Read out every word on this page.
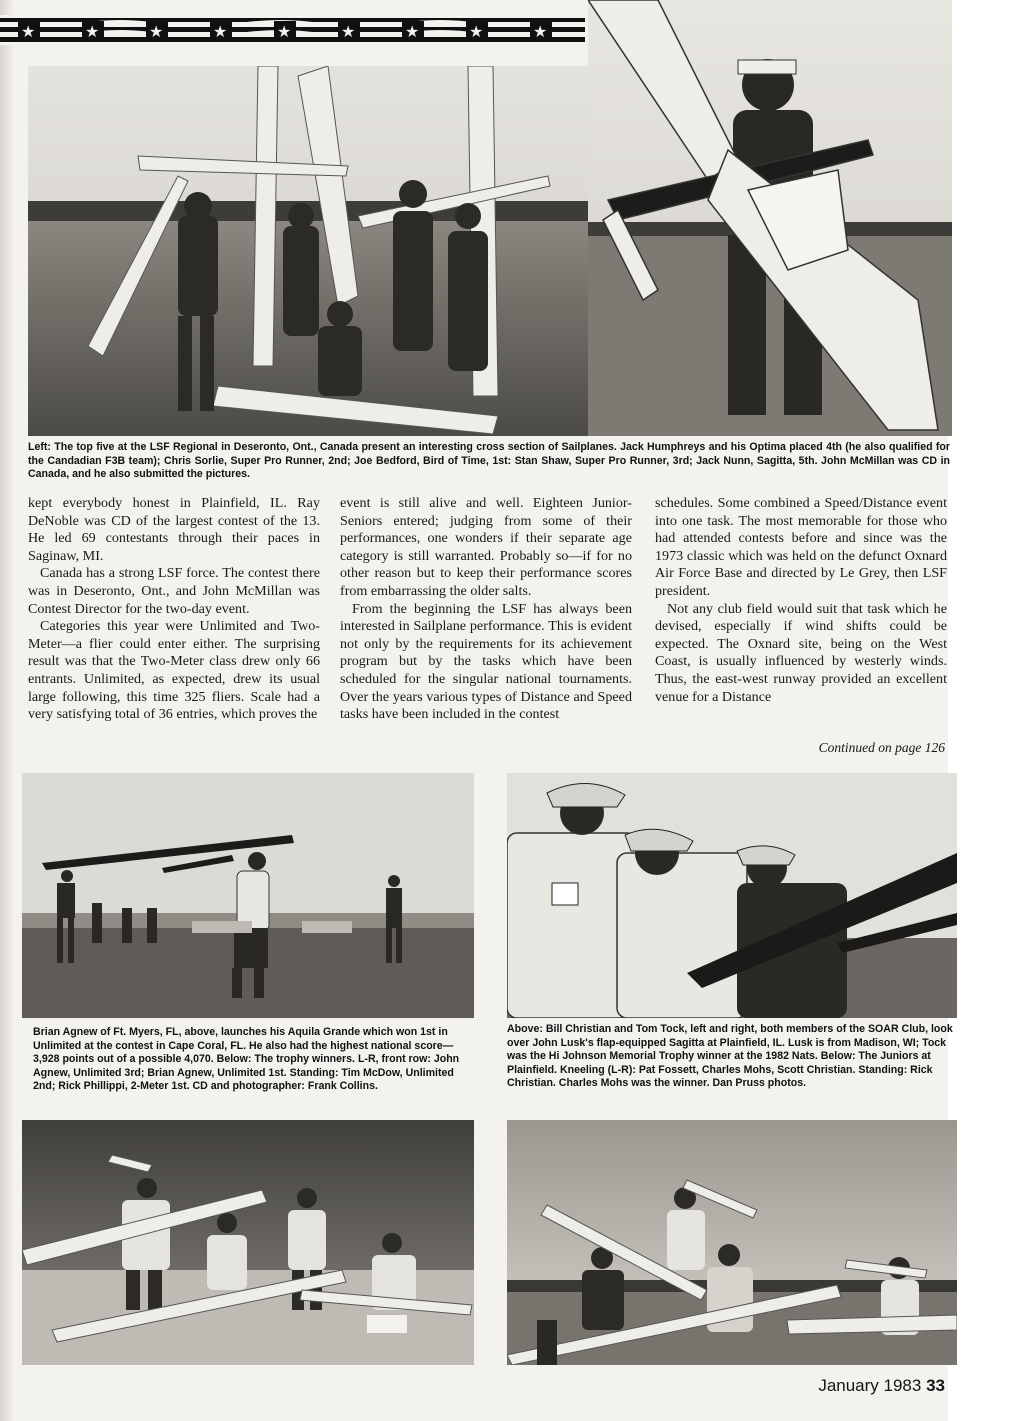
★	★	★	★	★	★	★	★	★

Left: The top five at the LSF Regional in Deseronto, Ont., Canada present an interesting cross section of Sailplanes. Jack Humphreys and his Optima placed 4th (he also qualified for the Candadian F3B team); Chris Sorlie, Super Pro Runner, 2nd; Joe Bedford, Bird of Time, 1st: Stan Shaw, Super Pro Runner, 3rd; Jack Nunn, Sagitta, 5th. John McMillan was CD in Canada, and he also submitted the pictures.

kept everybody honest in Plainfield, IL. Ray DeNoble was CD of the largest contest of the 13. He led 69 contestants through their paces in Saginaw, MI.

Canada has a strong LSF force. The contest there was in Deseronto, Ont., and John McMillan was Contest Director for the two-day event.

Categories this year were Unlimited and Two-Meter—a flier could enter either. The surprising result was that the Two-Meter class drew only 66 entrants. Unlimited, as expected, drew its usual large following, this time 325 fliers. Scale had a very satisfying total of 36 entries, which proves the

event is still alive and well. Eighteen Junior-Seniors entered; judging from some of their performances, one wonders if their separate age category is still warranted. Probably so—if for no other reason but to keep their performance scores from embarrassing the older salts.

From the beginning the LSF has always been interested in Sailplane performance. This is evident not only by the requirements for its achievement program but by the tasks which have been scheduled for the singular national tournaments. Over the years various types of Distance and Speed tasks have been included in the contest

schedules. Some combined a Speed/Distance event into one task. The most memorable for those who had attended contests before and since was the 1973 classic which was held on the defunct Oxnard Air Force Base and directed by Le Grey, then LSF president.

Not any club field would suit that task which he devised, especially if wind shifts could be expected. The Oxnard site, being on the West Coast, is usually influenced by westerly winds. Thus, the east-west runway provided an excellent venue for a Distance

Continued on page 126

Brian Agnew of Ft. Myers, FL, above, launches his Aquila Grande which won 1st in Unlimited at the contest in Cape Coral, FL. He also had the highest national score—3,928 points out of a possible 4,070. Below: The trophy winners. L-R, front row: John Agnew, Unlimited 3rd; Brian Agnew, Unlimited 1st. Standing: Tim McDow, Unlimited 2nd; Rick Phillippi, 2-Meter 1st. CD and photographer: Frank Collins.

Above: Bill Christian and Tom Tock, left and right, both members of the SOAR Club, look over John Lusk's flap-equipped Sagitta at Plainfield, IL. Lusk is from Madison, WI; Tock was the Hi Johnson Memorial Trophy winner at the 1982 Nats. Below: The Juniors at Plainfield. Kneeling (L-R): Pat Fossett, Charles Mohs, Scott Christian. Standing: Rick Christian. Charles Mohs was the winner. Dan Pruss photos.

January 1983 33
